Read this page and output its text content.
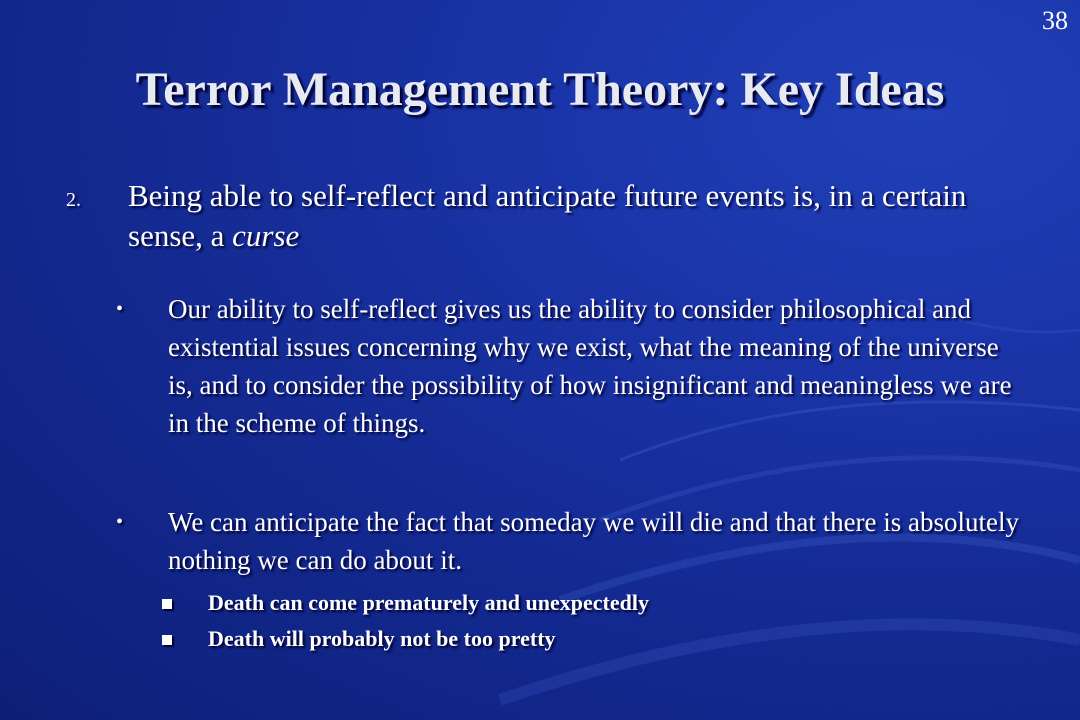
38
Terror Management Theory: Key Ideas
2. Being able to self-reflect and anticipate future events is, in a certain sense, a curse
• Our ability to self-reflect gives us the ability to consider philosophical and existential issues concerning why we exist, what the meaning of the universe is, and to consider the possibility of how insignificant and meaningless we are in the scheme of things.
• We can anticipate the fact that someday we will die and that there is absolutely nothing we can do about it.
Death can come prematurely and unexpectedly
Death will probably not be too pretty
